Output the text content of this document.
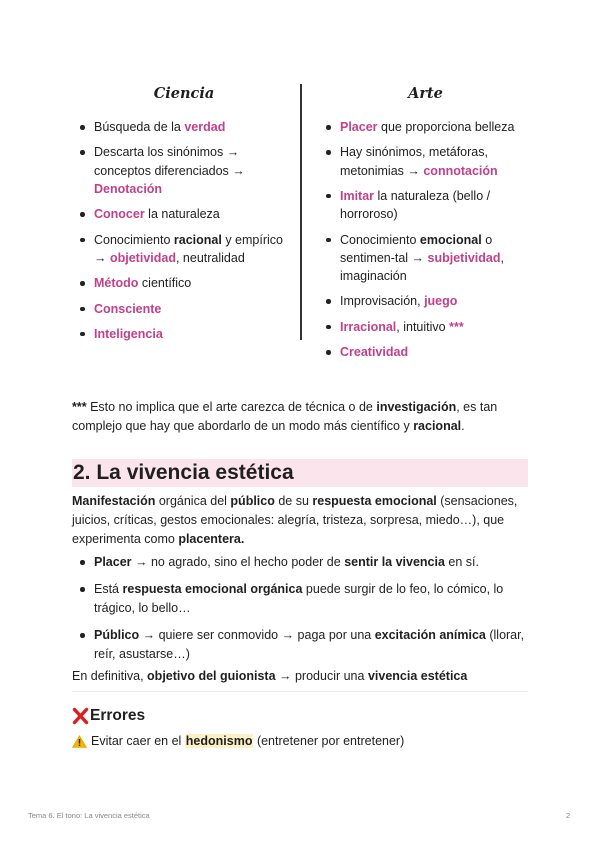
Ciencia
Búsqueda de la verdad
Descarta los sinónimos → conceptos diferenciados → Denotación
Conocer la naturaleza
Conocimiento racional y empírico → objetividad, neutralidad
Método científico
Consciente
Inteligencia
Arte
Placer que proporciona belleza
Hay sinónimos, metáforas, metonimias → connotación
Imitar la naturaleza (bello / horroroso)
Conocimiento emocional o sentimen-tal → subjetividad, imaginación
Improvisación, juego
Irracional, intuitivo ***
Creatividad

*** Esto no implica que el arte carezca de técnica o de investigación, es tan complejo que hay que abordarlo de un modo más científico y racional.

2. La vivencia estética

Manifestación orgánica del público de su respuesta emocional (sensaciones, juicios, críticas, gestos emocionales: alegría, tristeza, sorpresa, miedo…), que experimenta como placentera.

Placer → no agrado, sino el hecho poder de sentir la vivencia en sí.
Está respuesta emocional orgánica puede surgir de lo feo, lo cómico, lo trágico, lo bello…
Público → quiere ser conmovido → paga por una excitación anímica (llorar, reír, asustarse…)

En definitiva, objetivo del guionista → producir una vivencia estética

Errores

Evitar caer en el hedonismo (entretener por entretener)

Tema 6. El tono: La vivencia estética	2
